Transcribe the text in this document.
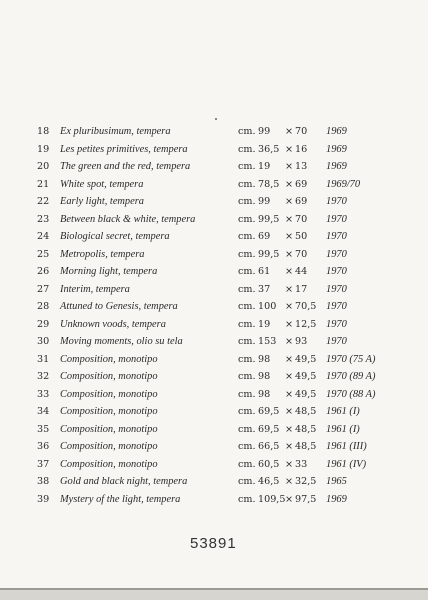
18	Ex pluribusimum, tempera	cm. 99	× 70	1969
19	Les petites primitives, tempera	cm. 36,5 × 16	1969
20	The green and the red, tempera	cm. 19	× 13	1969
21	White spot, tempera	cm. 78,5 × 69	1969/70
22	Early light, tempera	cm. 99	× 69	1970
23	Between black & white, tempera	cm. 99,5 × 70	1970
24	Biological secret, tempera	cm. 69	× 50	1970
25	Metropolis, tempera	cm. 99,5 × 70	1970
26	Morning light, tempera	cm. 61	× 44	1970
27	Interim, tempera	cm. 37	× 17	1970
28	Attuned to Genesis, tempera	cm. 100 × 70,5 1970
29	Unknown voods, tempera	cm. 19	× 12,5 1970
30	Moving moments, olio su tela	cm. 153 × 93	1970
31	Composition, monotipo	cm. 98	× 49,5 1970 (75 A)
32	Composition, monotipo	cm. 98	× 49,5 1970 (89 A)
33	Composition, monotipo	cm. 98	× 49,5 1970 (88 A)
34	Composition, monotipo	cm. 69,5 × 48,5 1961 (I)
35	Composition, monotipo	cm. 69,5 × 48,5 1961 (I)
36	Composition, monotipo	cm. 66,5 × 48,5 1961 (III)
37	Composition, monotipo	cm. 60,5 × 33	1961 (IV)
38	Gold and black night, tempera	cm. 46,5 × 32,5 1965
39	Mystery of the light, tempera	cm. 109,5 × 97,5 1969
53891
